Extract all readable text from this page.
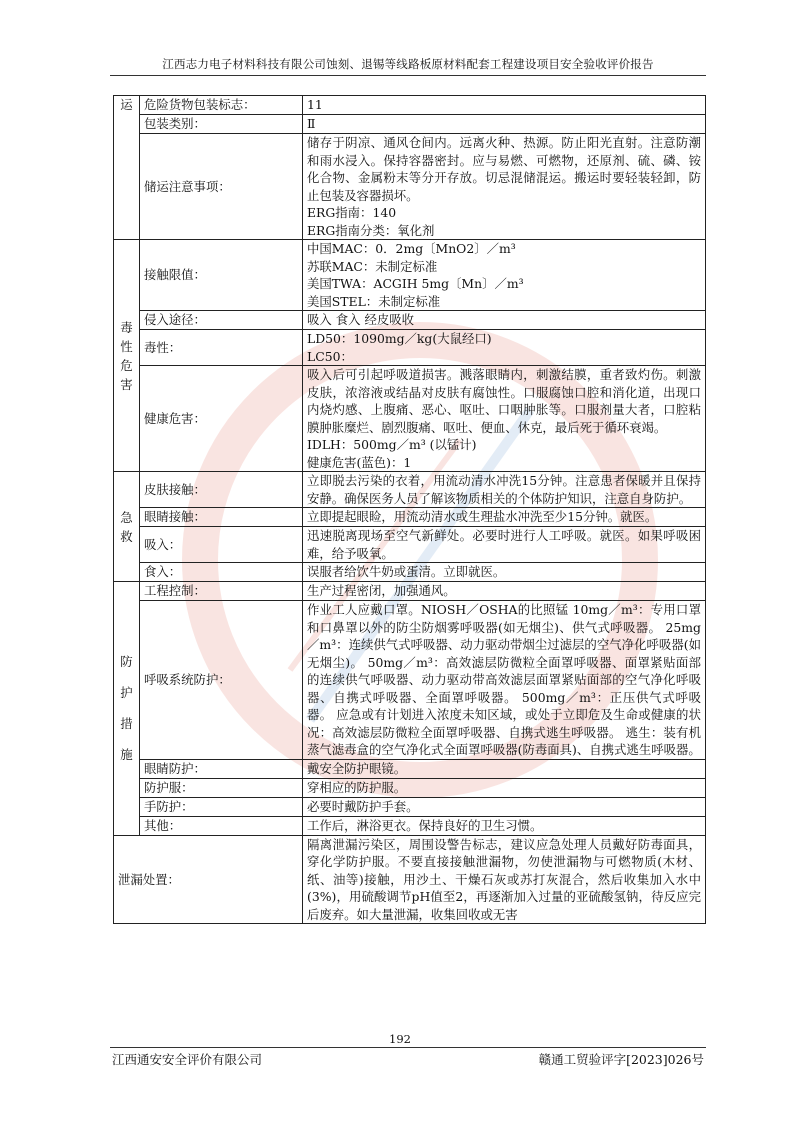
江西志力电子材料科技有限公司蚀刻、退锡等线路板原材料配套工程建设项目安全验收评价报告
运	危险货物包装标志：	11

	包装类别：	Ⅱ

	储运注意事项：	储存于阴凉、通风仓间内。远离火种、热源。防止阳光直射。注意防潮和雨水浸入。保持容器密封。应与易燃、可燃物，还原剂、硫、磷、铵化合物、金属粉末等分开存放。切忌混储混运。搬运时要轻装轻卸，防止包装及容器损坏。
ERG指南：140
ERG指南分类：氧化剂

毒
性
危
害	接触限值：	中国MAC：0．2mg〔MnO2〕／m³
苏联MAC：未制定标准
美国TWA：ACGIH 5mg〔Mn〕／m³
美国STEL：未制定标准

	侵入途径：	吸入 食入 经皮吸收

	毒性：	LD50：1090mg／kg(大鼠经口)
LC50：

	健康危害：	吸入后可引起呼吸道损害。溅落眼睛内，刺激结膜，重者致灼伤。刺激皮肤，浓溶液或结晶对皮肤有腐蚀性。口服腐蚀口腔和消化道，出现口内烧灼感、上腹痛、恶心、呕吐、口咽肿胀等。口服剂量大者，口腔粘膜肿胀糜烂、剧烈腹痛、呕吐、便血、休克，最后死于循环衰竭。
IDLH：500mg／m³ (以锰计)
健康危害(蓝色)：1

急
救	皮肤接触：	立即脱去污染的衣着，用流动清水冲洗15分钟。注意患者保暖并且保持安静。确保医务人员了解该物质相关的个体防护知识，注意自身防护。

	眼睛接触：	立即提起眼睑，用流动清水或生理盐水冲洗至少15分钟。就医。

	吸入：	迅速脱离现场至空气新鲜处。必要时进行人工呼吸。就医。如果呼吸困难，给予吸氧。

	食入：	误服者给饮牛奶或蛋清。立即就医。

防
护
措
施	工程控制：	生产过程密闭，加强通风。

	呼吸系统防护：	作业工人应戴口罩。NIOSH／OSHA的比照锰 10mg／m³：专用口罩和口鼻罩以外的防尘防烟雾呼吸器(如无烟尘)、供气式呼吸器。 25mg／m³：连续供气式呼吸器、动力驱动带烟尘过滤层的空气净化呼吸器(如无烟尘)。 50mg／m³：高效滤层防微粒全面罩呼吸器、面罩紧贴面部的连续供气呼吸器、动力驱动带高效滤层面罩紧贴面部的空气净化呼吸器、自携式呼吸器、全面罩呼吸器。 500mg／m³：正压供气式呼吸器。 应急或有计划进入浓度未知区域，或处于立即危及生命或健康的状况：高效滤层防微粒全面罩呼吸器、自携式逃生呼吸器。 逃生：装有机蒸气滤毒盒的空气净化式全面罩呼吸器(防毒面具)、自携式逃生呼吸器。

	眼睛防护：	戴安全防护眼镜。

	防护服：	穿相应的防护服。

	手防护：	必要时戴防护手套。

	其他：	工作后，淋浴更衣。保持良好的卫生习惯。

泄漏处置：		隔离泄漏污染区，周围设警告标志，建议应急处理人员戴好防毒面具，穿化学防护服。不要直接接触泄漏物，勿使泄漏物与可燃物质(木材、纸、油等)接触，用沙土、干燥石灰或苏打灰混合，然后收集加入水中(3%)，用硫酸调节pH值至2，再逐渐加入过量的亚硫酸氢钠，待反应完后废弃。如大量泄漏，收集回收或无害
192
江西通安安全评价有限公司	赣通工贸验评字[2023]026号
